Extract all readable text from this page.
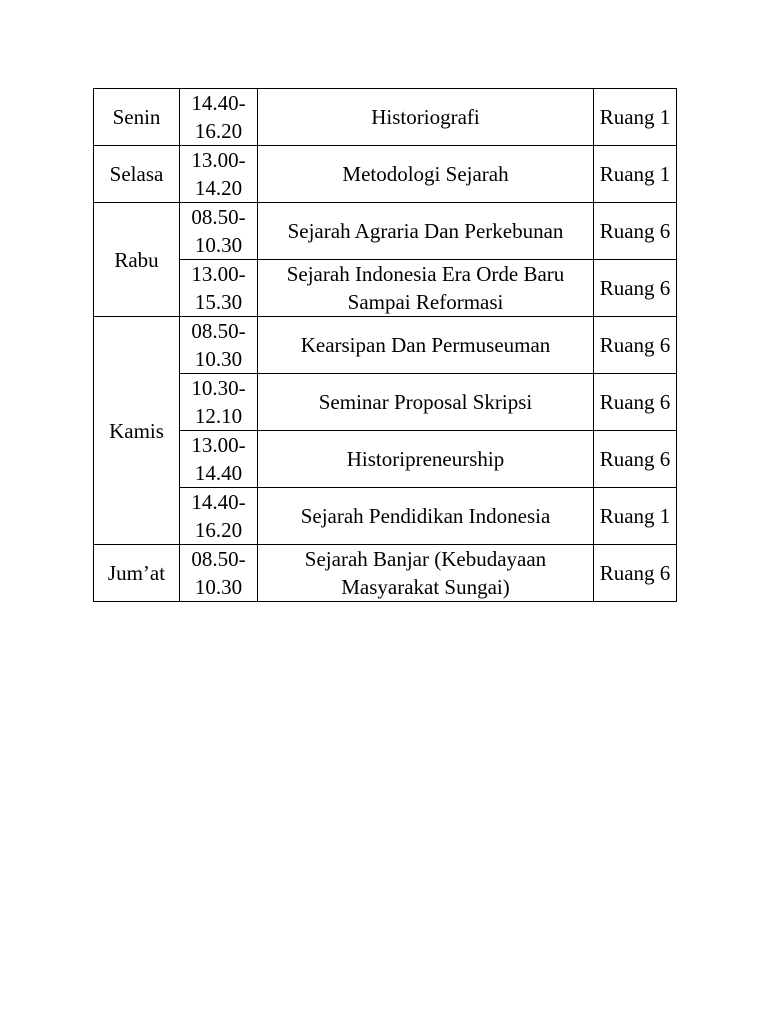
Senin	14.40-16.20	Historiografi	Ruang 1
Selasa	13.00-14.20	Metodologi Sejarah	Ruang 1
Rabu	08.50-10.30	Sejarah Agraria Dan Perkebunan	Ruang 6
	13.00-15.30	Sejarah Indonesia Era Orde Baru Sampai Reformasi	Ruang 6
Kamis	08.50-10.30	Kearsipan Dan Permuseuman	Ruang 6
	10.30-12.10	Seminar Proposal Skripsi	Ruang 6
	13.00-14.40	Historipreneurship	Ruang 6
	14.40-16.20	Sejarah Pendidikan Indonesia	Ruang 1
Jum’at	08.50-10.30	Sejarah Banjar (Kebudayaan Masyarakat Sungai)	Ruang 6
